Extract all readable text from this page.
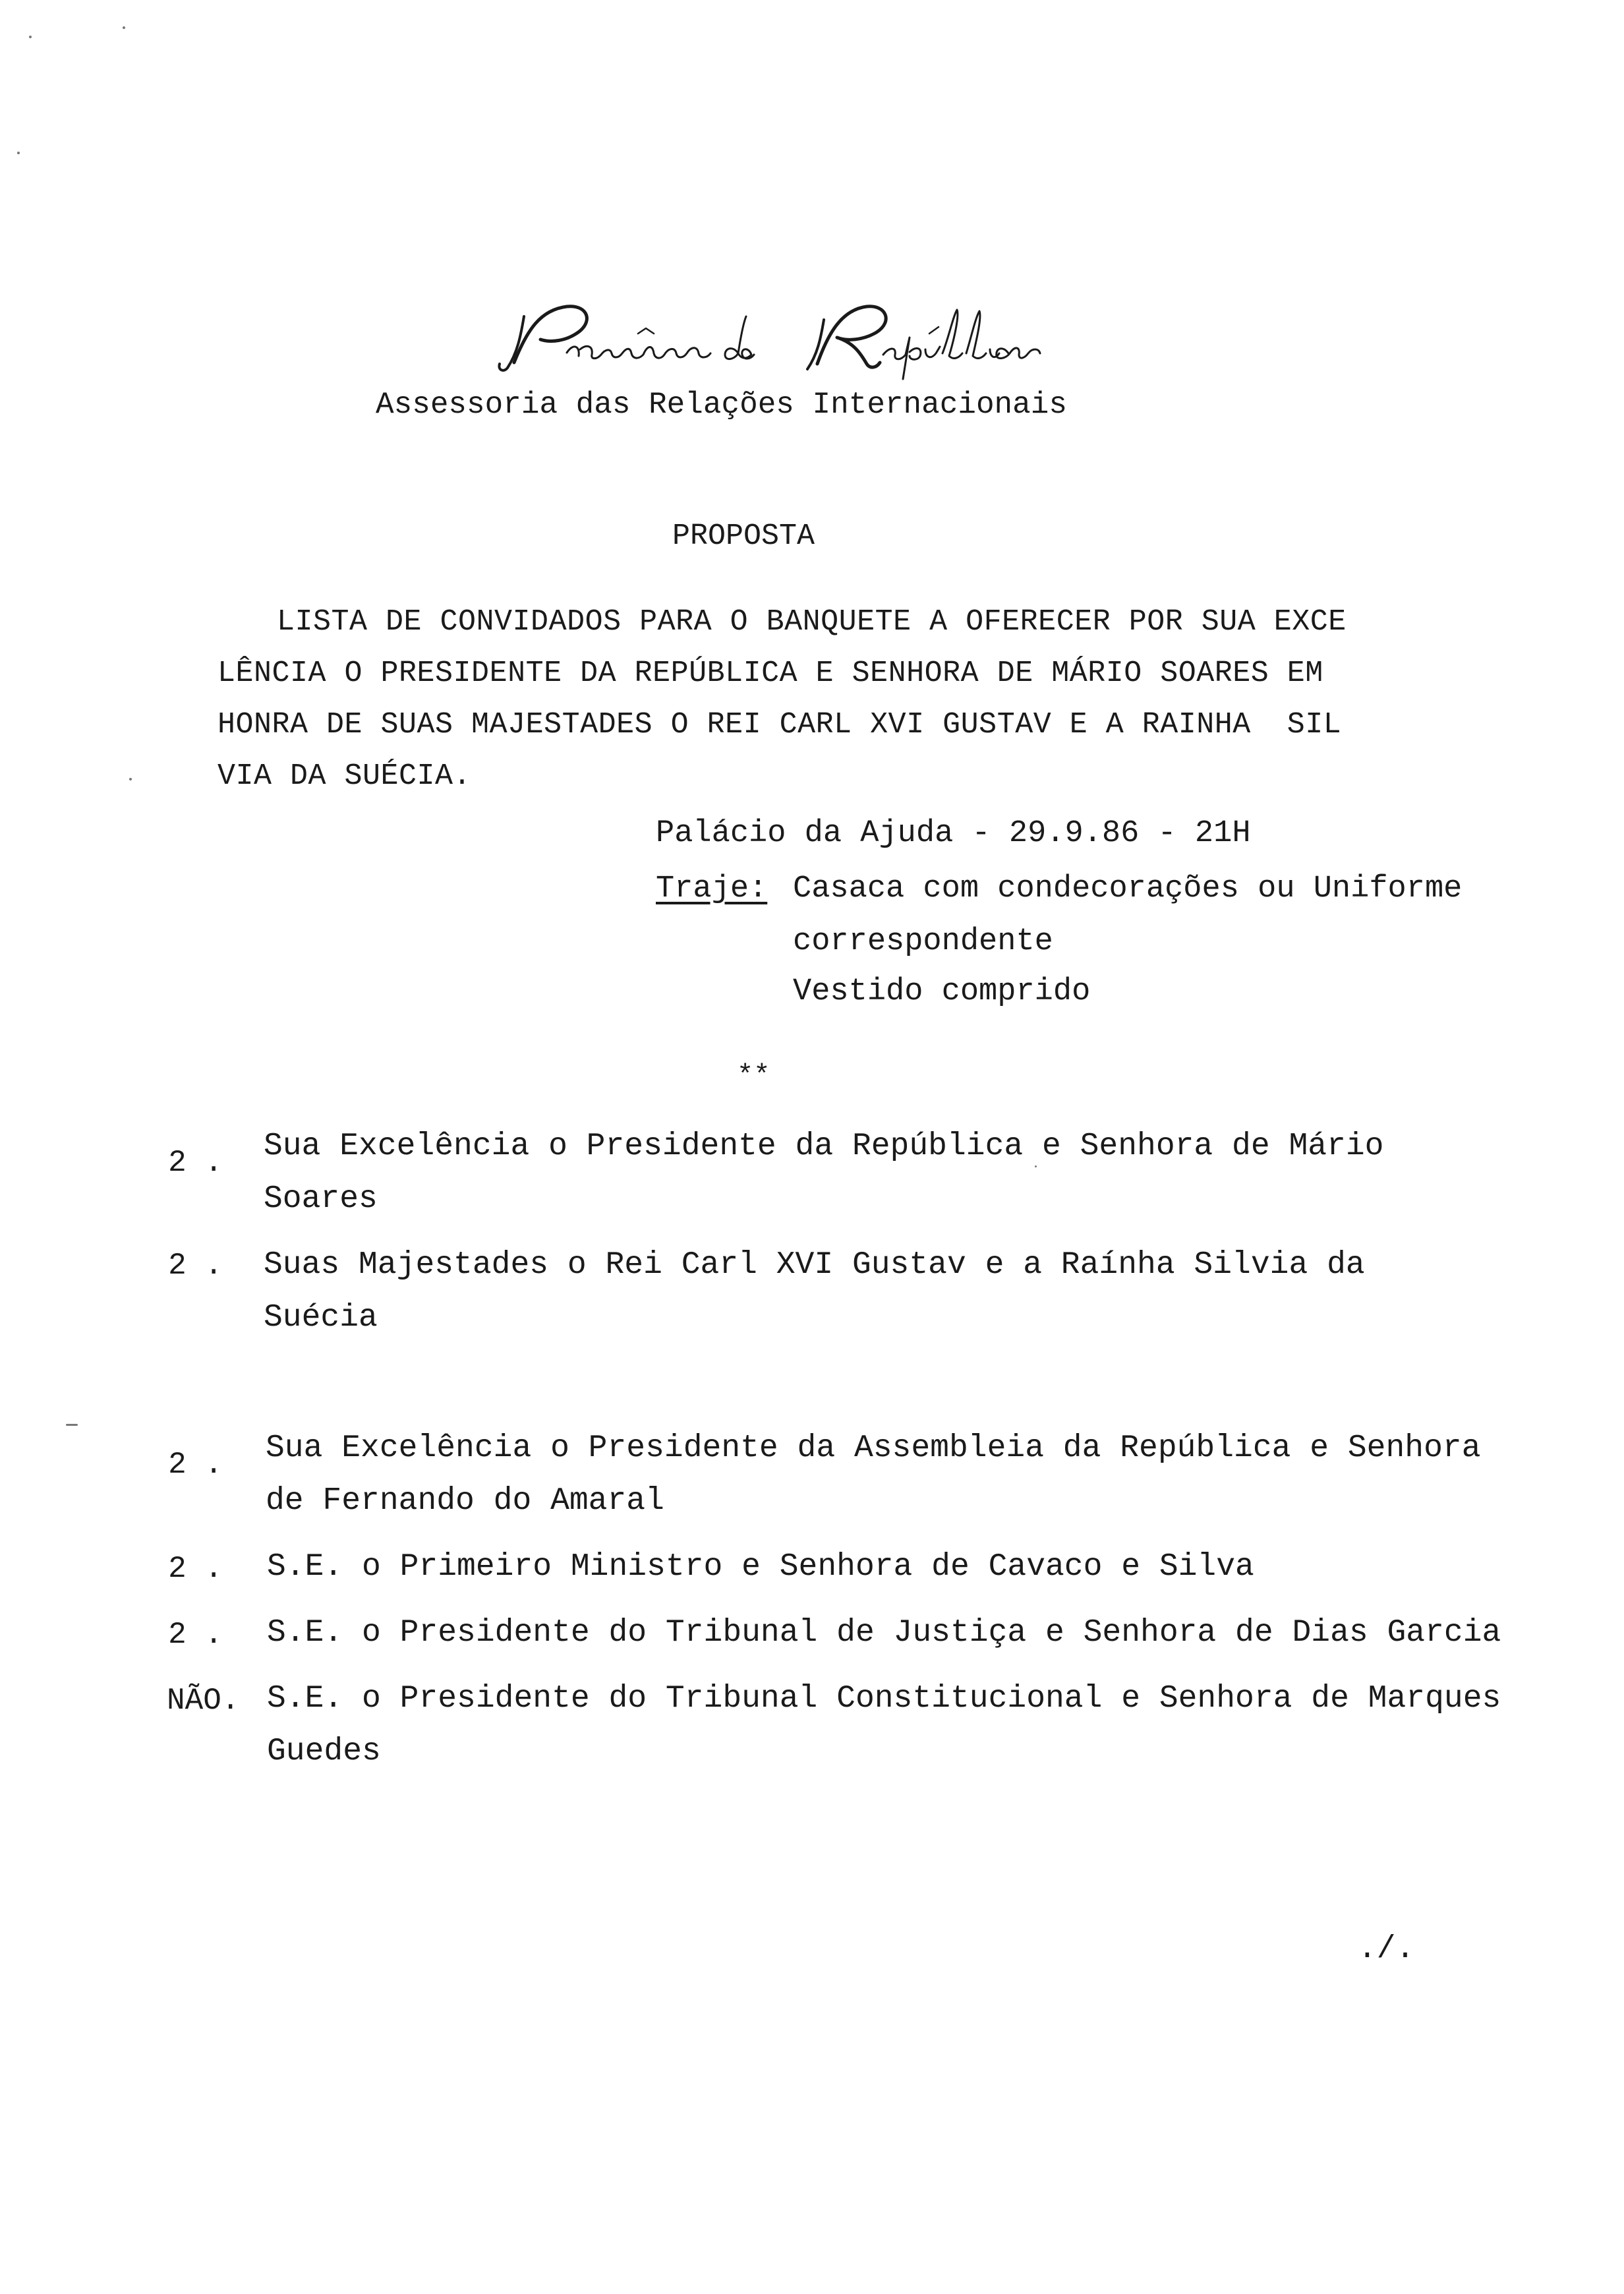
Assessoria das Relações Internacionais
PROPOSTA
LISTA DE CONVIDADOS PARA O BANQUETE A OFERECER POR SUA EXCE
LÊNCIA O PRESIDENTE DA REPÚBLICA E SENHORA DE MÁRIO SOARES EM
HONRA DE SUAS MAJESTADES O REI CARL XVI GUSTAV E A RAINHA  SIL
VIA DA SUÉCIA.
Palácio da Ajuda - 29.9.86 - 21H
Traje: Casaca com condecorações ou Uniforme
correspondente
Vestido comprido
**
2 . Sua Excelência o Presidente da República e Senhora de Mário
Soares
2 . Suas Majestades o Rei Carl XVI Gustav e a Raínha Silvia da
Suécia
2 . Sua Excelência o Presidente da Assembleia da República e Senhora
de Fernando do Amaral
2 . S.E. o Primeiro Ministro e Senhora de Cavaco e Silva
2 . S.E. o Presidente do Tribunal de Justiça e Senhora de Dias Garcia
NÃO. S.E. o Presidente do Tribunal Constitucional e Senhora de Marques
Guedes
./.
